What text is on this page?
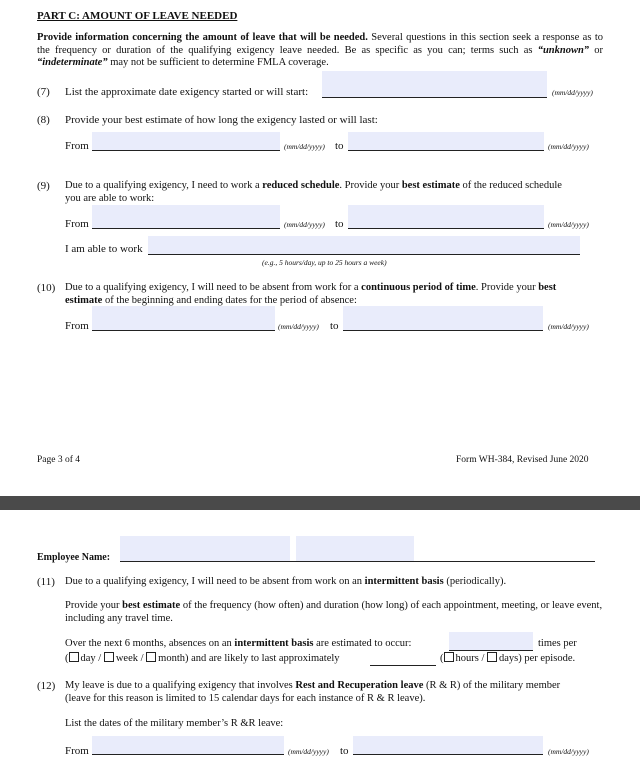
PART C: AMOUNT OF LEAVE NEEDED
Provide information concerning the amount of leave that will be needed. Several questions in this section seek a response as to the frequency or duration of the qualifying exigency leave needed. Be as specific as you can; terms such as “unknown” or “indeterminate” may not be sufficient to determine FMLA coverage.
(7) List the approximate date exigency started or will start:	(mm/dd/yyyy)
(8) Provide your best estimate of how long the exigency lasted or will last:
From	(mm/dd/yyyy) to	(mm/dd/yyyy)
(9) Due to a qualifying exigency, I need to work a reduced schedule. Provide your best estimate of the reduced schedule you are able to work:
From	(mm/dd/yyyy) to	(mm/dd/yyyy)
I am able to work
(e.g., 5 hours/day, up to 25 hours a week)
(10) Due to a qualifying exigency, I will need to be absent from work for a continuous period of time. Provide your best estimate of the beginning and ending dates for the period of absence:
From	(mm/dd/yyyy) to	(mm/dd/yyyy)
Page 3 of 4	Form WH-384, Revised June 2020
Employee Name:
(11) Due to a qualifying exigency, I will need to be absent from work on an intermittent basis (periodically).
Provide your best estimate of the frequency (how often) and duration (how long) of each appointment, meeting, or leave event, including any travel time.
Over the next 6 months, absences on an intermittent basis are estimated to occur:	times per
( day / week / month) and are likely to last approximately	( hours / days) per episode.
(12) My leave is due to a qualifying exigency that involves Rest and Recuperation leave (R & R) of the military member (leave for this reason is limited to 15 calendar days for each instance of R & R leave).
List the dates of the military member’s R &R leave:
From	(mm/dd/yyyy) to	(mm/dd/yyyy)
